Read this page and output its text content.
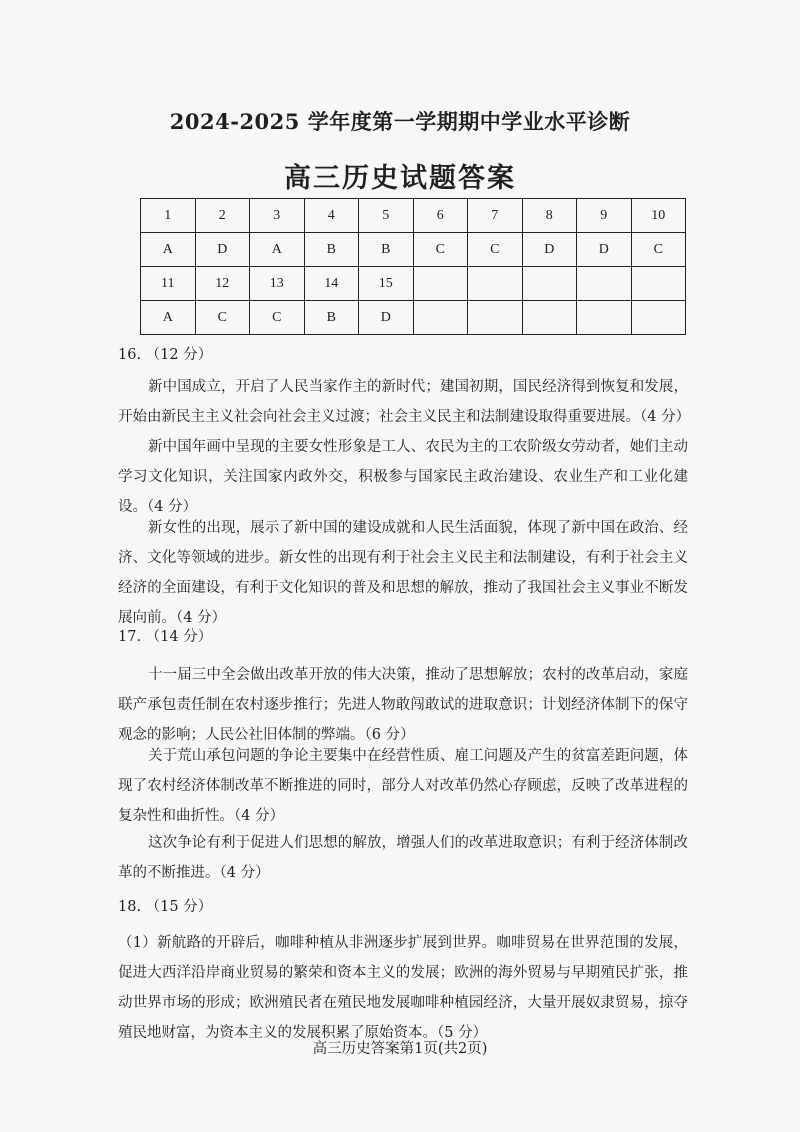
2024-2025 学年度第一学期期中学业水平诊断
高三历史试题答案
1	2	3	4	5	6	7	8	9	10
A	D	A	B	B	C	C	D	D	C
11	12	13	14	15					
A	C	C	B	D					

16. （12 分）

新中国成立，开启了人民当家作主的新时代；建国初期，国民经济得到恢复和发展，开始由新民主主义社会向社会主义过渡；社会主义民主和法制建设取得重要进展。（4 分）

新中国年画中呈现的主要女性形象是工人、农民为主的工农阶级女劳动者，她们主动学习文化知识，关注国家内政外交，积极参与国家民主政治建设、农业生产和工业化建设。（4 分）

新女性的出现，展示了新中国的建设成就和人民生活面貌，体现了新中国在政治、经济、文化等领域的进步。新女性的出现有利于社会主义民主和法制建设，有利于社会主义经济的全面建设，有利于文化知识的普及和思想的解放，推动了我国社会主义事业不断发展向前。（4 分）

17. （14 分）

十一届三中全会做出改革开放的伟大决策，推动了思想解放；农村的改革启动，家庭联产承包责任制在农村逐步推行；先进人物敢闯敢试的进取意识；计划经济体制下的保守观念的影响；人民公社旧体制的弊端。（6 分）

关于荒山承包问题的争论主要集中在经营性质、雇工问题及产生的贫富差距问题，体现了农村经济体制改革不断推进的同时，部分人对改革仍然心存顾虑，反映了改革进程的复杂性和曲折性。（4 分）

这次争论有利于促进人们思想的解放，增强人们的改革进取意识；有利于经济体制改革的不断推进。（4 分）

18. （15 分）

（1）新航路的开辟后，咖啡种植从非洲逐步扩展到世界。咖啡贸易在世界范围的发展，促进大西洋沿岸商业贸易的繁荣和资本主义的发展；欧洲的海外贸易与早期殖民扩张，推动世界市场的形成；欧洲殖民者在殖民地发展咖啡种植园经济，大量开展奴隶贸易，掠夺殖民地财富，为资本主义的发展积累了原始资本。（5 分）

高三历史答案第1页(共2页)
